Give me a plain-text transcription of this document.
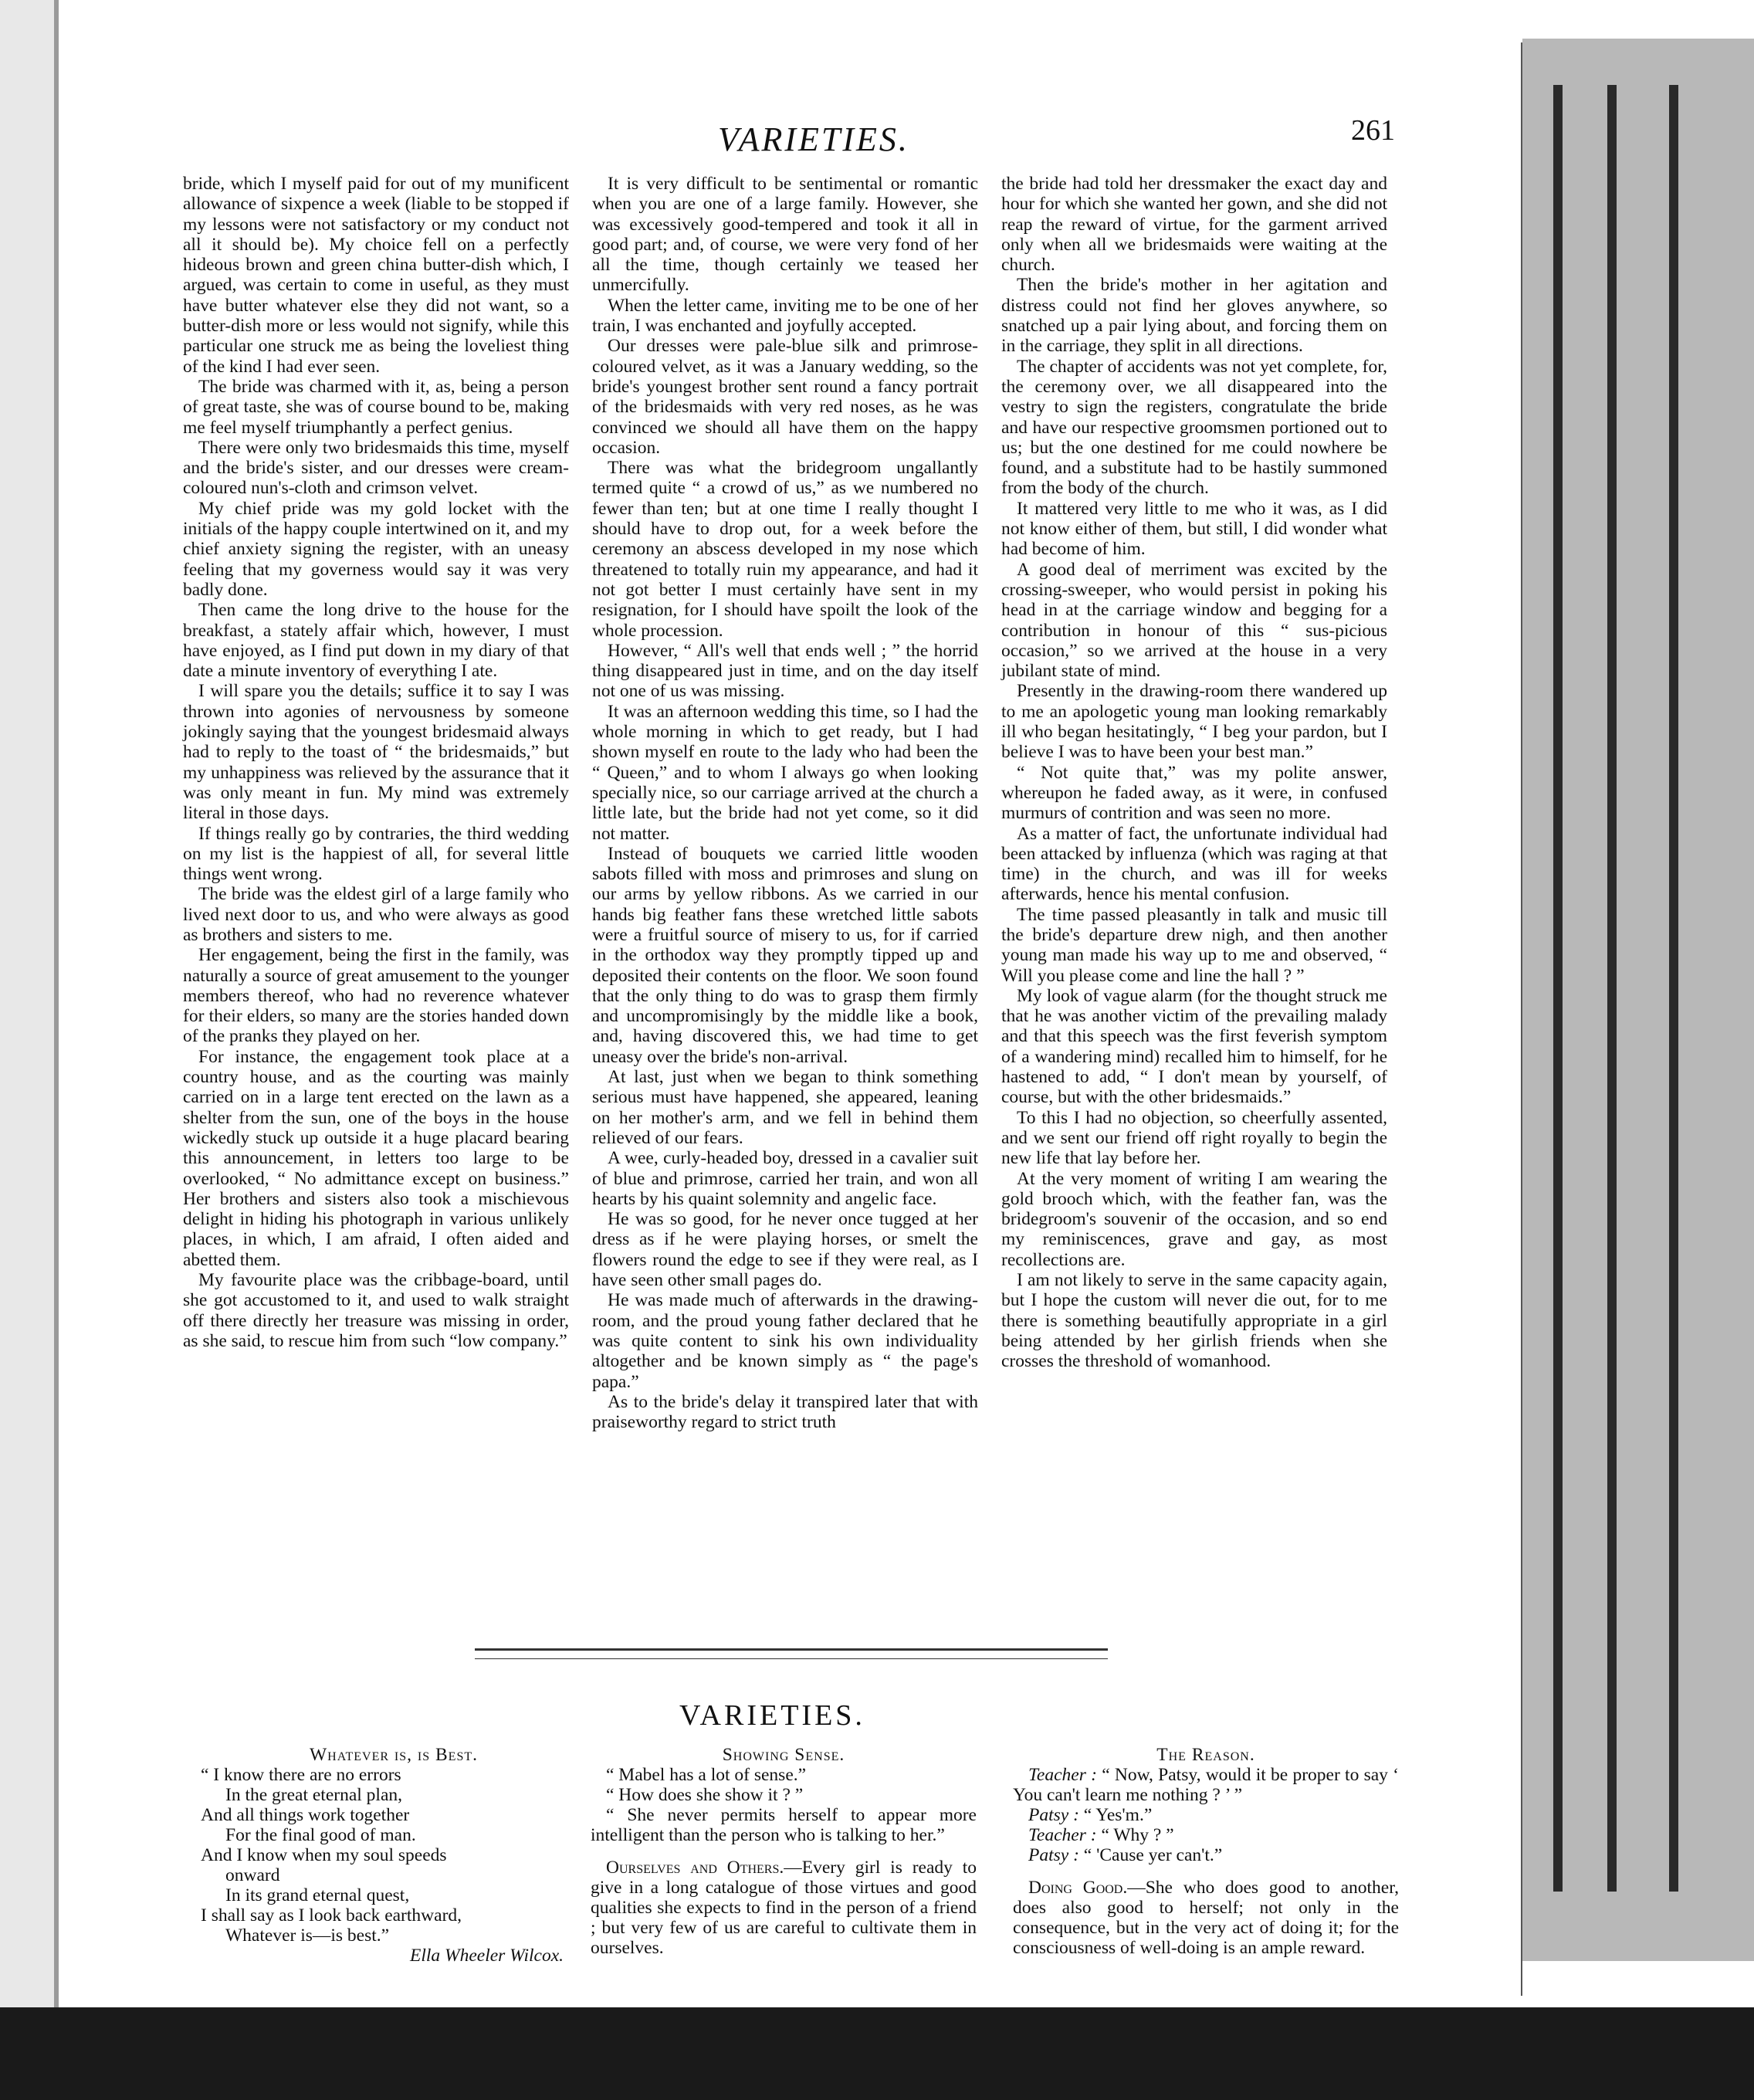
VARIETIES.	261

bride, which I myself paid for out of my munificent allowance of sixpence a week (liable to be stopped if my lessons were not satisfactory or my conduct not all it should be). My choice fell on a perfectly hideous brown and green china butter-dish which, I argued, was certain to come in useful, as they must have butter whatever else they did not want, so a butter-dish more or less would not signify, while this particular one struck me as being the loveliest thing of the kind I had ever seen.

The bride was charmed with it, as, being a person of great taste, she was of course bound to be, making me feel myself triumphantly a perfect genius.

There were only two bridesmaids this time, myself and the bride's sister, and our dresses were cream-coloured nun's-cloth and crimson velvet.

My chief pride was my gold locket with the initials of the happy couple intertwined on it, and my chief anxiety signing the register, with an uneasy feeling that my governess would say it was very badly done.

Then came the long drive to the house for the breakfast, a stately affair which, however, I must have enjoyed, as I find put down in my diary of that date a minute inventory of everything I ate.

I will spare you the details; suffice it to say I was thrown into agonies of nervousness by someone jokingly saying that the youngest bridesmaid always had to reply to the toast of “ the bridesmaids,” but my unhappiness was relieved by the assurance that it was only meant in fun. My mind was extremely literal in those days.

If things really go by contraries, the third wedding on my list is the happiest of all, for several little things went wrong.

The bride was the eldest girl of a large family who lived next door to us, and who were always as good as brothers and sisters to me.

Her engagement, being the first in the family, was naturally a source of great amusement to the younger members thereof, who had no reverence whatever for their elders, so many are the stories handed down of the pranks they played on her.

For instance, the engagement took place at a country house, and as the courting was mainly carried on in a large tent erected on the lawn as a shelter from the sun, one of the boys in the house wickedly stuck up outside it a huge placard bearing this announcement, in letters too large to be overlooked, “ No admittance except on business.” Her brothers and sisters also took a mischievous delight in hiding his photograph in various unlikely places, in which, I am afraid, I often aided and abetted them.

My favourite place was the cribbage-board, until she got accustomed to it, and used to walk straight off there directly her treasure was missing in order, as she said, to rescue him from such “low company.”

It is very difficult to be sentimental or romantic when you are one of a large family. However, she was excessively good-tempered and took it all in good part; and, of course, we were very fond of her all the time, though certainly we teased her unmercifully.

When the letter came, inviting me to be one of her train, I was enchanted and joyfully accepted.

Our dresses were pale-blue silk and primrose-coloured velvet, as it was a January wedding, so the bride's youngest brother sent round a fancy portrait of the bridesmaids with very red noses, as he was convinced we should all have them on the happy occasion.

There was what the bridegroom ungallantly termed quite “ a crowd of us,” as we numbered no fewer than ten; but at one time I really thought I should have to drop out, for a week before the ceremony an abscess developed in my nose which threatened to totally ruin my appearance, and had it not got better I must certainly have sent in my resignation, for I should have spoilt the look of the whole procession.

However, “ All's well that ends well ; ” the horrid thing disappeared just in time, and on the day itself not one of us was missing.

It was an afternoon wedding this time, so I had the whole morning in which to get ready, but I had shown myself en route to the lady who had been the “ Queen,” and to whom I always go when looking specially nice, so our carriage arrived at the church a little late, but the bride had not yet come, so it did not matter.

Instead of bouquets we carried little wooden sabots filled with moss and primroses and slung on our arms by yellow ribbons. As we carried in our hands big feather fans these wretched little sabots were a fruitful source of misery to us, for if carried in the orthodox way they promptly tipped up and deposited their contents on the floor. We soon found that the only thing to do was to grasp them firmly and uncompromisingly by the middle like a book, and, having discovered this, we had time to get uneasy over the bride's non-arrival.

At last, just when we began to think something serious must have happened, she appeared, leaning on her mother's arm, and we fell in behind them relieved of our fears.

A wee, curly-headed boy, dressed in a cavalier suit of blue and primrose, carried her train, and won all hearts by his quaint solemnity and angelic face.

He was so good, for he never once tugged at her dress as if he were playing horses, or smelt the flowers round the edge to see if they were real, as I have seen other small pages do.

He was made much of afterwards in the drawing-room, and the proud young father declared that he was quite content to sink his own individuality altogether and be known simply as “ the page's papa.”

As to the bride's delay it transpired later that with praiseworthy regard to strict truth

the bride had told her dressmaker the exact day and hour for which she wanted her gown, and she did not reap the reward of virtue, for the garment arrived only when all we bridesmaids were waiting at the church.

Then the bride's mother in her agitation and distress could not find her gloves anywhere, so snatched up a pair lying about, and forcing them on in the carriage, they split in all directions.

The chapter of accidents was not yet complete, for, the ceremony over, we all disappeared into the vestry to sign the registers, congratulate the bride and have our respective groomsmen portioned out to us; but the one destined for me could nowhere be found, and a substitute had to be hastily summoned from the body of the church.

It mattered very little to me who it was, as I did not know either of them, but still, I did wonder what had become of him.

A good deal of merriment was excited by the crossing-sweeper, who would persist in poking his head in at the carriage window and begging for a contribution in honour of this “ sus-picious occasion,” so we arrived at the house in a very jubilant state of mind.

Presently in the drawing-room there wandered up to me an apologetic young man looking remarkably ill who began hesitatingly, “ I beg your pardon, but I believe I was to have been your best man.”

“ Not quite that,” was my polite answer, whereupon he faded away, as it were, in confused murmurs of contrition and was seen no more.

As a matter of fact, the unfortunate individual had been attacked by influenza (which was raging at that time) in the church, and was ill for weeks afterwards, hence his mental confusion.

The time passed pleasantly in talk and music till the bride's departure drew nigh, and then another young man made his way up to me and observed, “ Will you please come and line the hall ? ”

My look of vague alarm (for the thought struck me that he was another victim of the prevailing malady and that this speech was the first feverish symptom of a wandering mind) recalled him to himself, for he hastened to add, “ I don't mean by yourself, of course, but with the other bridesmaids.”

To this I had no objection, so cheerfully assented, and we sent our friend off right royally to begin the new life that lay before her.

At the very moment of writing I am wearing the gold brooch which, with the feather fan, was the bridegroom's souvenir of the occasion, and so end my reminiscences, grave and gay, as most recollections are.

I am not likely to serve in the same capacity again, but I hope the custom will never die out, for to me there is something beautifully appropriate in a girl being attended by her girlish friends when she crosses the threshold of womanhood.

VARIETIES.

Whatever is, is Best.

“ I know there are no errors

In the great eternal plan,

And all things work together

For the final good of man.

And I know when my soul speeds

onward

In its grand eternal quest,

I shall say as I look back earthward,

Whatever is—is best.”

Ella Wheeler Wilcox.

Showing Sense.

“ Mabel has a lot of sense.”

“ How does she show it ? ”

“ She never permits herself to appear more intelligent than the person who is talking to her.”

Ourselves and Others.—Every girl is ready to give in a long catalogue of those virtues and good qualities she expects to find in the person of a friend ; but very few of us are careful to cultivate them in ourselves.

The Reason.

Teacher : “ Now, Patsy, would it be proper to say ‘ You can't learn me nothing ? ’ ”

Patsy : “ Yes'm.”

Teacher : “ Why ? ”

Patsy : “ 'Cause yer can't.”

Doing Good.—She who does good to another, does also good to herself; not only in the consequence, but in the very act of doing it; for the consciousness of well-doing is an ample reward.
